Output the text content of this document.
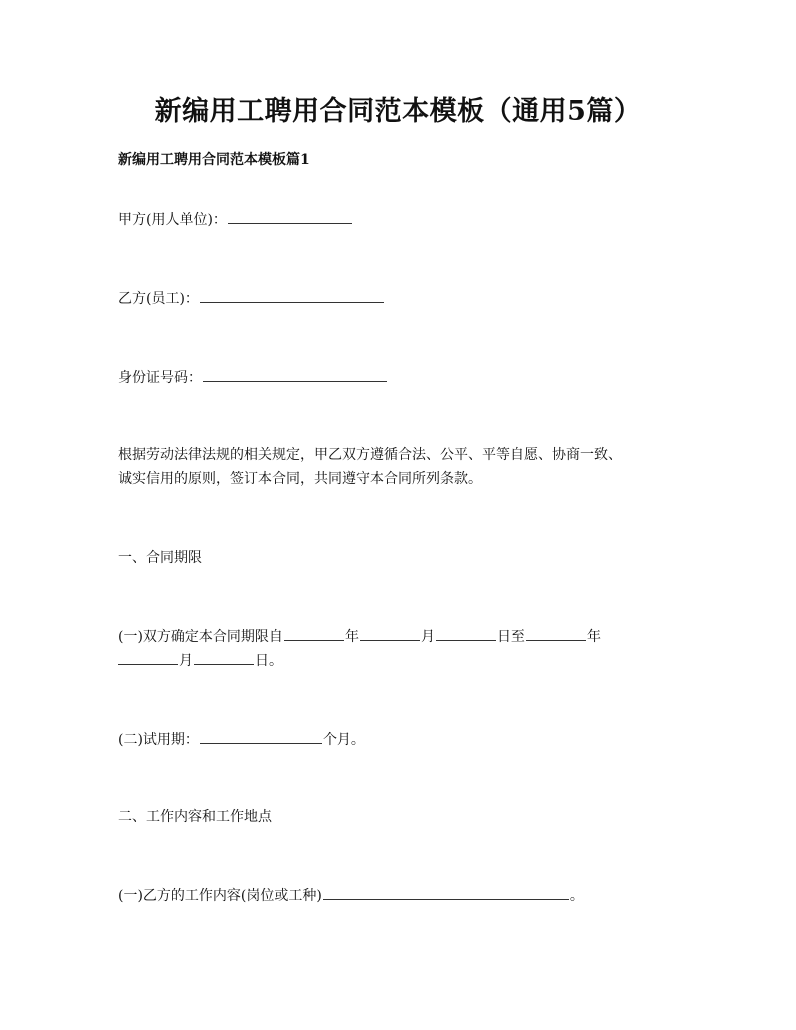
新编用工聘用合同范本模板（通用5篇）
新编用工聘用合同范本模板篇1
甲方(用人单位)：
乙方(员工)：
身份证号码：
根据劳动法律法规的相关规定，甲乙双方遵循合法、公平、平等自愿、协商一致、
诚实信用的原则，签订本合同，共同遵守本合同所列条款。
一、合同期限
(一)双方确定本合同期限自	年	月	日至	年
月	日。
(二)试用期：	个月。
二、工作内容和工作地点
(一)乙方的工作内容(岗位或工种)	。
